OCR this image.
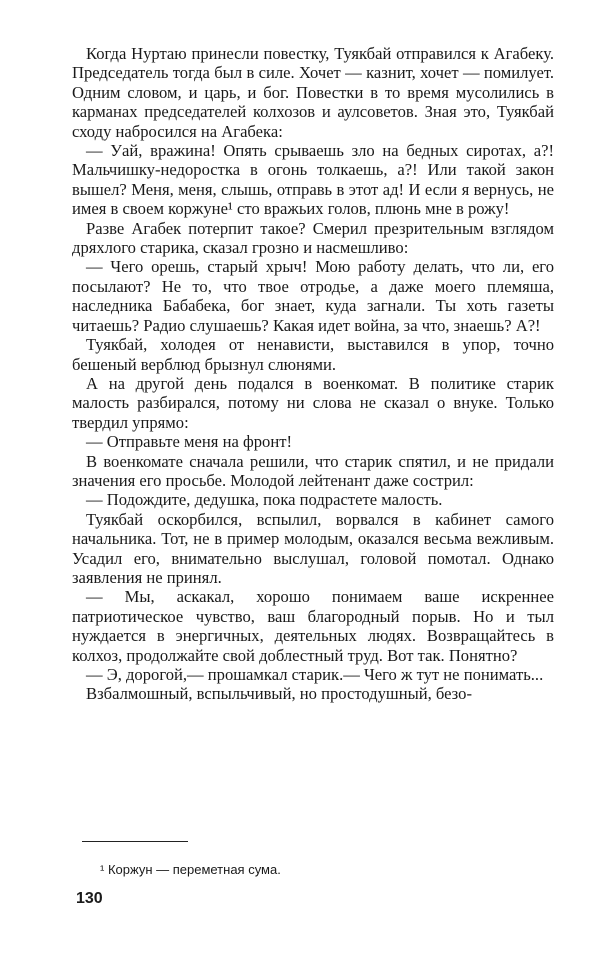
Когда Нуртаю принесли повестку, Туякбай отправился к Агабеку. Председатель тогда был в силе. Хочет — казнит, хочет — помилует. Одним словом, и царь, и бог. Повестки в то время мусолились в карманах председателей колхозов и аулсоветов. Зная это, Туякбай сходу набросился на Агабека:

— Уай, вражина! Опять срываешь зло на бедных сиротах, а?! Мальчишку-недоростка в огонь толкаешь, а?! Или такой закон вышел? Меня, меня, слышь, отправь в этот ад! И если я вернусь, не имея в своем коржуне¹ сто вражьих голов, плюнь мне в рожу!

Разве Агабек потерпит такое? Смерил презрительным взглядом дряхлого старика, сказал грозно и насмешливо:

— Чего орешь, старый хрыч! Мою работу делать, что ли, его посылают? Не то, что твое отродье, а даже моего племяша, наследника Бабабека, бог знает, куда загнали. Ты хоть газеты читаешь? Радио слушаешь? Какая идет война, за что, знаешь? А?!

Туякбай, холодея от ненависти, выставился в упор, точно бешеный верблюд брызнул слюнями.

А на другой день подался в военкомат. В политике старик малость разбирался, потому ни слова не сказал о внуке. Только твердил упрямо:

— Отправьте меня на фронт!

В военкомате сначала решили, что старик спятил, и не придали значения его просьбе. Молодой лейтенант даже сострил:

— Подождите, дедушка, пока подрастете малость.

Туякбай оскорбился, вспылил, ворвался в кабинет самого начальника. Тот, не в пример молодым, оказался весьма вежливым. Усадил его, внимательно выслушал, головой помотал. Однако заявления не принял.

— Мы, аскакал, хорошо понимаем ваше искреннее патриотическое чувство, ваш благородный порыв. Но и тыл нуждается в энергичных, деятельных людях. Возвращайтесь в колхоз, продолжайте свой доблестный труд. Вот так. Понятно?

— Э, дорогой,— прошамкал старик.— Чего ж тут не понимать...

Взбалмошный, вспыльчивый, но простодушный, безо-

¹ Коржун — переметная сума.
130
